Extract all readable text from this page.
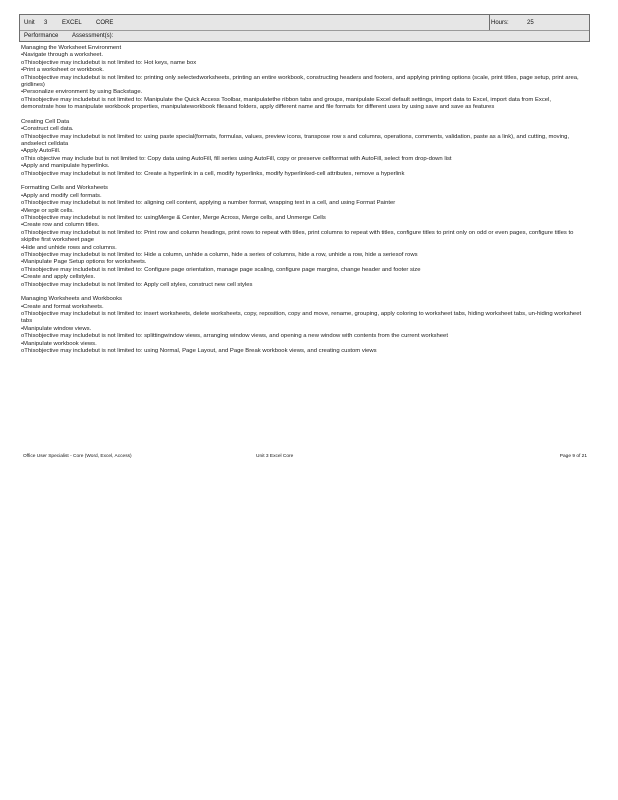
Unit 3 EXCEL CORE	Hours:	25
Performance Assessment(s):
Managing the Worksheet Environment

•Navigate through a worksheet.

oThisobjective may includebut is not limited to: Hot keys, name box

•Print a worksheet or workbook.

oThisobjective may includebut is not limited to: printing only selectedworksheets, printing an entire workbook, constructing headers and footers, and applying printing options (scale, print titles, page setup, print area, gridlines)

•Personalize environment by using Backstage.

oThisobjective may includebut is not limited to: Manipulate the Quick Access Toolbar, manipulatethe ribbon tabs and groups, manipulate Excel default settings, import data to Excel, import data from Excel, demonstrate how to manipulate workbook properties, manipulateworkbook filesand folders, apply different name and file formats for different uses by using save and save as features

Creating Cell Data

•Construct cell data.

oThisobjective may includebut is not limited to: using paste special(formats, formulas, values, preview icons, transpose row s and columns, operations, comments, validation, paste as a link), and cutting, moving, andselect celldata

•Apply AutoFill.

oThis objective may include but is not limited to: Copy data using AutoFill, fill series using AutoFill, copy or preserve cellformat with AutoFill, select from drop-down list

•Apply and manipulate hyperlinks.

oThisobjective may includebut is not limited to: Create a hyperlink in a cell, modify hyperlinks, modify hyperlinked-cell attributes, remove a hyperlink

Formatting Cells and Worksheets

•Apply and modify cell formats.

oThisobjective may includebut is not limited to: aligning cell content, applying a number format, wrapping text in a cell, and using Format Painter

•Merge or split cells.

oThisobjective may includebut is not limited to: usingMerge & Center, Merge Across, Merge cells, and Unmerge Cells

•Create row and column titles.

oThisobjective may includebut is not limited to: Print row and column headings, print rows to repeat with titles, print columns to repeat with titles, configure titles to print only on odd or even pages, configure titles to skipthe first worksheet page

•Hide and unhide rows and columns.

oThisobjective may includebut is not limited to: Hide a column, unhide a column, hide a series of columns, hide a row, unhide a row, hide a seriesof rows

•Manipulate Page Setup options for worksheets.

oThisobjective may includebut is not limited to: Configure page orientation, manage page scaling, configure page margins, change header and footer size

•Create and apply cellstyles.

oThisobjective may includebut is not limited to: Apply cell styles, construct new cell styles

Managing Worksheets and Workbooks

•Create and format worksheets.

oThisobjective may includebut is not limited to: insert worksheets, delete worksheets, copy, reposition, copy and move, rename, grouping, apply coloring to worksheet tabs, hiding worksheet tabs, un-hiding worksheet tabs

•Manipulate window views.

oThisobjective may includebut is not limited to: splittingwindow views, arranging window views, and opening a new window with contents from the current worksheet

•Manipulate workbook views.

oThisobjective may includebut is not limited to: using Normal, Page Layout, and Page Break workbook views, and creating custom views

Office User Specialist - Core (Word, Excel, Access)	Unit 3 Excel Core	Page 9 of 21
